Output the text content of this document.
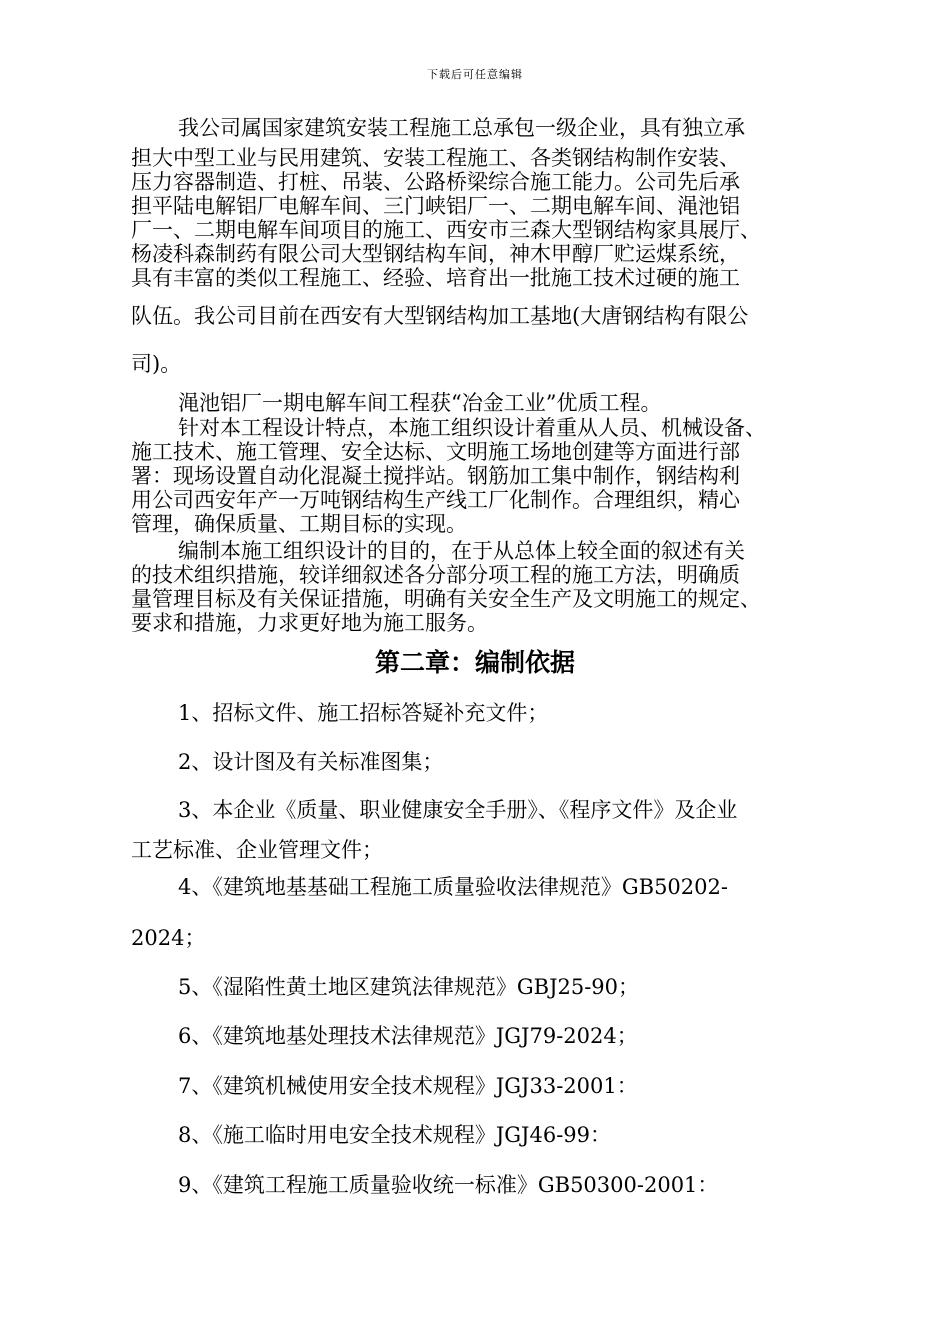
下载后可任意编辑
我公司属国家建筑安装工程施工总承包一级企业，具有独立承
担大中型工业与民用建筑、安装工程施工、各类钢结构制作安装、
压力容器制造、打桩、吊装、公路桥梁综合施工能力。公司先后承
担平陆电解铝厂电解车间、三门峡铝厂一、二期电解车间、渑池铝
厂一、二期电解车间项目的施工、西安市三森大型钢结构家具展厅、
杨凌科森制药有限公司大型钢结构车间，神木甲醇厂贮运煤系统，
具有丰富的类似工程施工、经验、培育出一批施工技术过硬的施工
队伍。我公司目前在西安有大型钢结构加工基地(大唐钢结构有限公
司)。
渑池铝厂一期电解车间工程获“冶金工业”优质工程。
针对本工程设计特点，本施工组织设计着重从人员、机械设备、
施工技术、施工管理、安全达标、文明施工场地创建等方面进行部
署：现场设置自动化混凝土搅拌站。钢筋加工集中制作，钢结构利
用公司西安年产一万吨钢结构生产线工厂化制作。合理组织，精心
管理，确保质量、工期目标的实现。
编制本施工组织设计的目的，在于从总体上较全面的叙述有关
的技术组织措施，较详细叙述各分部分项工程的施工方法，明确质
量管理目标及有关保证措施，明确有关安全生产及文明施工的规定、
要求和措施，力求更好地为施工服务。
第二章：编制依据
1、招标文件、施工招标答疑补充文件；
2、设计图及有关标准图集；
3、本企业《质量、职业健康安全手册》、《程序文件》及企业
工艺标准、企业管理文件；
4、《建筑地基基础工程施工质量验收法律规范》GB50202-
2024；
5、《湿陷性黄土地区建筑法律规范》GBJ25-90；
6、《建筑地基处理技术法律规范》JGJ79-2024；
7、《建筑机械使用安全技术规程》JGJ33-2001：
8、《施工临时用电安全技术规程》JGJ46-99：
9、《建筑工程施工质量验收统一标准》GB50300-2001：
